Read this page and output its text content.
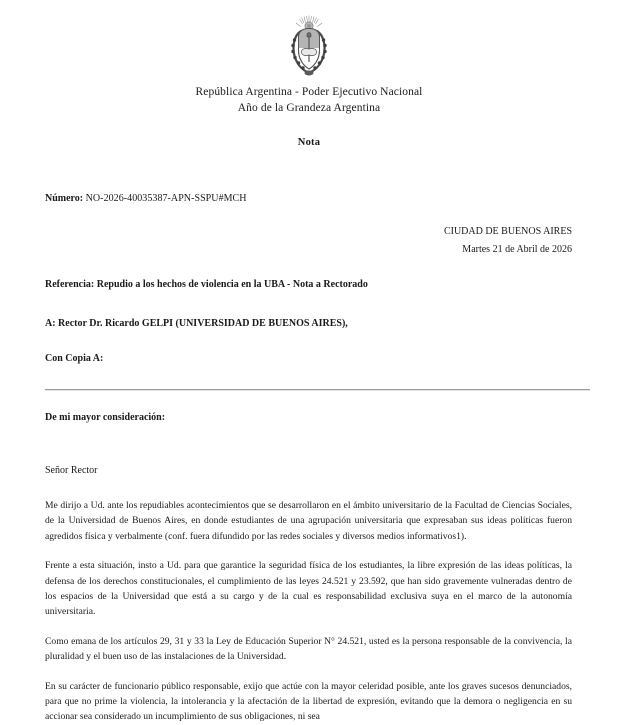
República Argentina - Poder Ejecutivo Nacional
Año de la Grandeza Argentina
Nota
Número: NO-2026-40035387-APN-SSPU#MCH
CIUDAD DE BUENOS AIRES
Martes 21 de Abril de 2026
Referencia: Repudio a los hechos de violencia en la UBA - Nota a Rectorado
A: Rector Dr. Ricardo GELPI (UNIVERSIDAD DE BUENOS AIRES),
Con Copia A:
De mi mayor consideración:
Señor Rector

Me dirijo a Ud. ante los repudiables acontecimientos que se desarrollaron en el ámbito universitario de la Facultad de Ciencias Sociales, de la Universidad de Buenos Aires, en donde estudiantes de una agrupación universitaria que expresaban sus ideas políticas fueron agredidos física y verbalmente (conf. fuera difundido por las redes sociales y diversos medios informativos1).

Frente a esta situación, insto a Ud. para que garantice la seguridad física de los estudiantes, la libre expresión de las ideas políticas, la defensa de los derechos constitucionales, el cumplimiento de las leyes 24.521 y 23.592, que han sido gravemente vulneradas dentro de los espacios de la Universidad que está a su cargo y de la cual es responsabilidad exclusiva suya en el marco de la autonomía universitaria.

Como emana de los artículos 29, 31 y 33 la Ley de Educación Superior N° 24.521, usted es la persona responsable de la convivencia, la pluralidad y el buen uso de las instalaciones de la Universidad.

En su carácter de funcionario público responsable, exijo que actúe con la mayor celeridad posible, ante los graves sucesos denunciados, para que no prime la violencia, la intolerancia y la afectación de la libertad de expresión, evitando que la demora o negligencia en su accionar sea considerado un incumplimiento de sus obligaciones, ni sea
